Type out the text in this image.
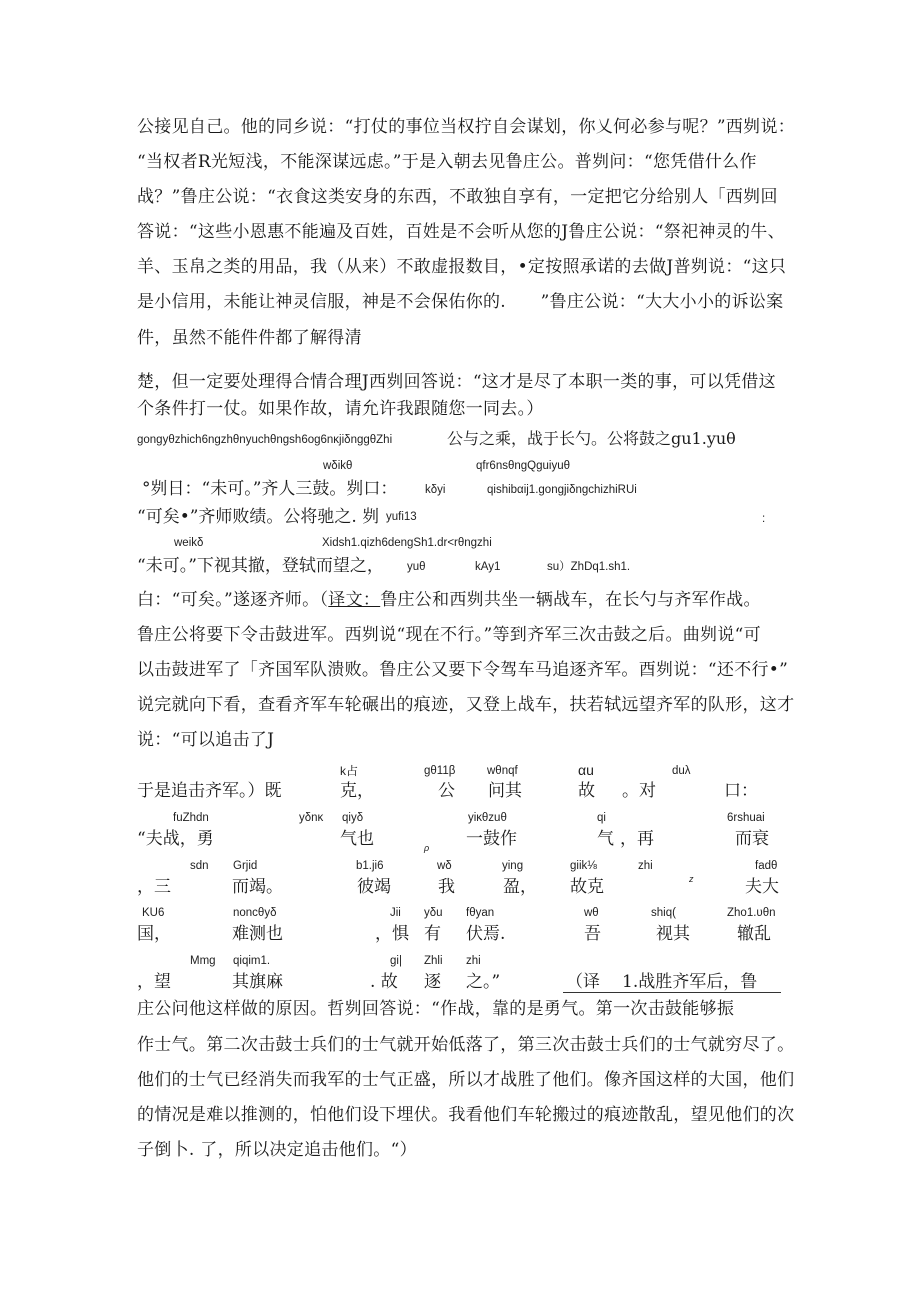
公接见自己。他的同乡说：“打仗的事位当权拧自会谋划，你乂何必参与呢？”西刿说：
“当权者R光短浅，不能深谋远虑。”于是入朝去见鲁庄公。普刿问：“您凭借什么作
战？”鲁庄公说：“衣食这类安身的东西，不敢独自享有，一定把它分给别人「西刿回
答说：“这些小恩惠不能遍及百姓，百姓是不会听从您的J鲁庄公说：“祭祀神灵的牛、
羊、玉帛之类的用品，我（从来）不敢虚报数目，•定按照承诺的去做J普刿说：“这只
是小信用，未能让神灵信服，神是不会保佑你的.　　”鲁庄公说：“大大小小的诉讼案
件，虽然不能件件都了解得清
楚，但一定要处理得合情合理J西刿回答说：“这才是尽了本职一类的事，可以凭借这
个条件打一仗。如果作故，请允许我跟随您一同去。）
gongyθzhich6ngzhθnyuchθngsh6og6nκjiδnggθZhi	公与之乘，战于长勺。公将鼓之gu1.yuθ
wδikθ	qfr6nsθngQguiyuθ
°刿日：“未可。”齐人三鼓。刿口： kδyi	qishibαij1.gongjiδngchizhiRUi
“可矣•”齐师败绩。公将驰之. 刿 yufi13	:
weikδ	Xidsh1.qizh6dengSh1.dr<rθngzhi
“未可。”下视其撤，登轼而望之， yuθ	kAy1	su）ZhDq1.sh1.
白：“可矣。”遂逐齐师。（译文：鲁庄公和西刿共坐一辆战车，在长勺与齐军作战。
鲁庄公将要下令击鼓进军。西刿说“现在不行。”等到齐军三次击鼓之后。曲刿说“可
以击鼓进军了「齐国军队溃败。鲁庄公又要下令驾车马追逐齐军。酉刿说：“还不行•”
说完就向下看，查看齐军车轮碾出的痕迹，又登上战车，扶若轼远望齐军的队形，这才
说：“可以追击了J
k占	gθ11β	wθnqf	αu	duλ
于是追击齐军。）既	克，	公 问其	故 。对	口：
fuZhdn	yδnκ qiyδ	yiκθzuθ	qi	6rshuai
“夫战，勇	气也	ρ 一鼓作	气 ，再	而衰
sdn Grjid	b1.ji6	wδ	ying	giik⅛	zhi	fadθ
，三	而竭。	彼竭	我	盈，	z
故克	夫大
KU6	noncθyδ	Jii yδu fθyan	wθ	shiq(	Zho1.υθn
国，	难测也	，惧 有 伏焉.	吾	视其	辙乱
Mmg qiqim1.	gi| Zhli zhi
，望	其旗麻	. 故 逐 之。”	（译 1.战胜齐军后，鲁
庄公问他这样做的原因。哲刿回答说：“作战，靠的是勇气。第一次击鼓能够振
作士气。第二次击鼓士兵们的士气就开始低落了，第三次击鼓士兵们的士气就穷尽了。
他们的士气已经消失而我军的士气正盛，所以才战胜了他们。像齐国这样的大国，他们
的情况是难以推测的，怕他们设下埋伏。我看他们车轮搬过的痕迹散乱，望见他们的次
子倒卜. 了，所以决定追击他们。“）
